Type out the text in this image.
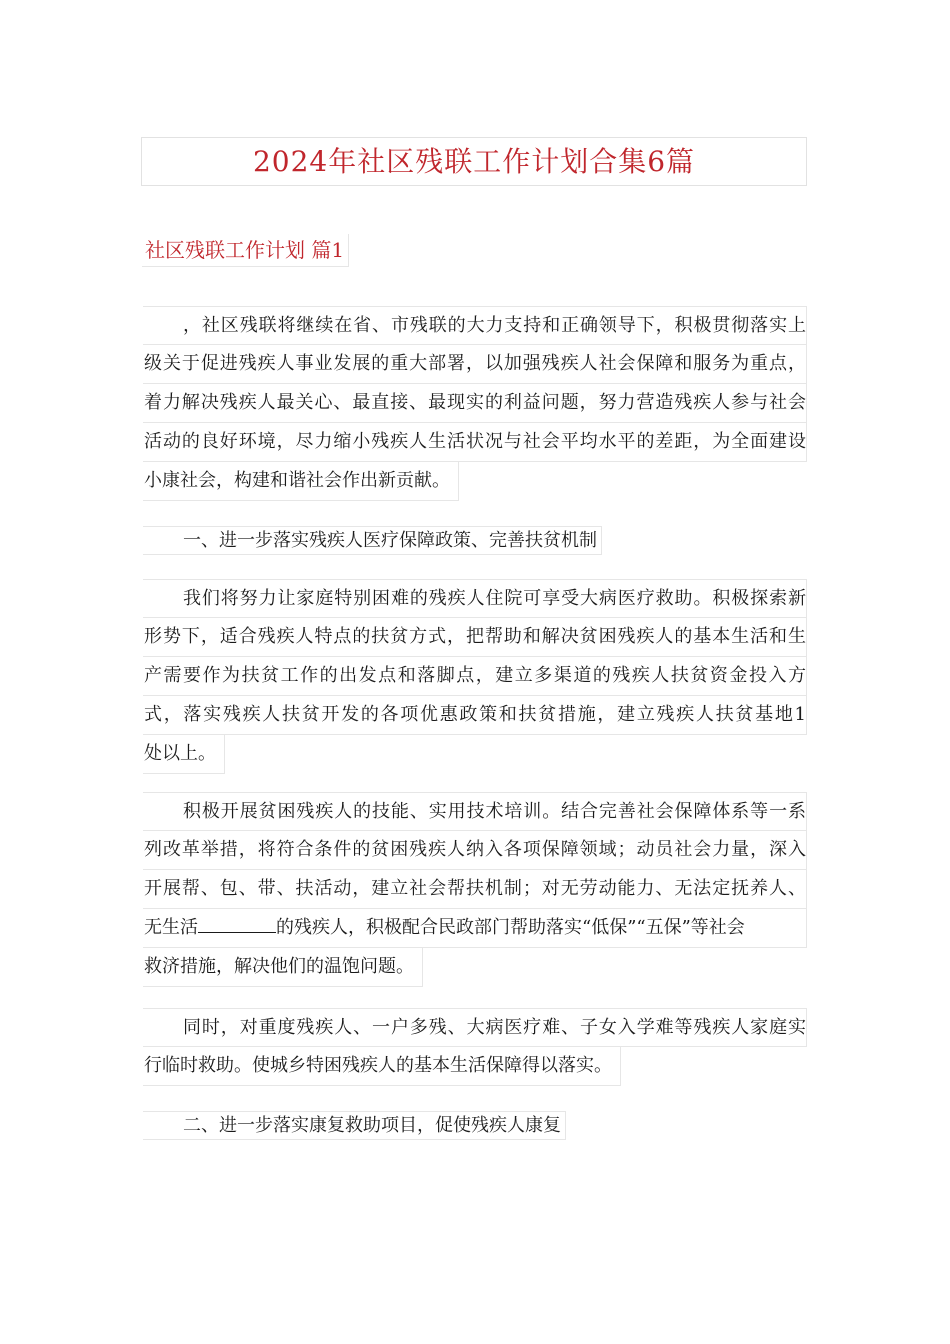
2024年社区残联工作计划合集6篇
社区残联工作计划 篇1
，社区残联将继续在省、市残联的大力支持和正确领导下，积极贯彻落实上
级关于促进残疾人事业发展的重大部署，以加强残疾人社会保障和服务为重点，
着力解决残疾人最关心、最直接、最现实的利益问题，努力营造残疾人参与社会
活动的良好环境，尽力缩小残疾人生活状况与社会平均水平的差距，为全面建设
小康社会，构建和谐社会作出新贡献。
一、进一步落实残疾人医疗保障政策、完善扶贫机制
我们将努力让家庭特别困难的残疾人住院可享受大病医疗救助。积极探索新
形势下，适合残疾人特点的扶贫方式，把帮助和解决贫困残疾人的基本生活和生
产需要作为扶贫工作的出发点和落脚点，建立多渠道的残疾人扶贫资金投入方
式，落实残疾人扶贫开发的各项优惠政策和扶贫措施，建立残疾人扶贫基地1
处以上。
积极开展贫困残疾人的技能、实用技术培训。结合完善社会保障体系等一系
列改革举措，将符合条件的贫困残疾人纳入各项保障领域；动员社会力量，深入
开展帮、包、带、扶活动，建立社会帮扶机制；对无劳动能力、无法定抚养人、
无生活	的残疾人，积极配合民政部门帮助落实“低保”“五保”等社会
救济措施，解决他们的温饱问题。
同时，对重度残疾人、一户多残、大病医疗难、子女入学难等残疾人家庭实
行临时救助。使城乡特困残疾人的基本生活保障得以落实。
二、进一步落实康复救助项目，促使残疾人康复
